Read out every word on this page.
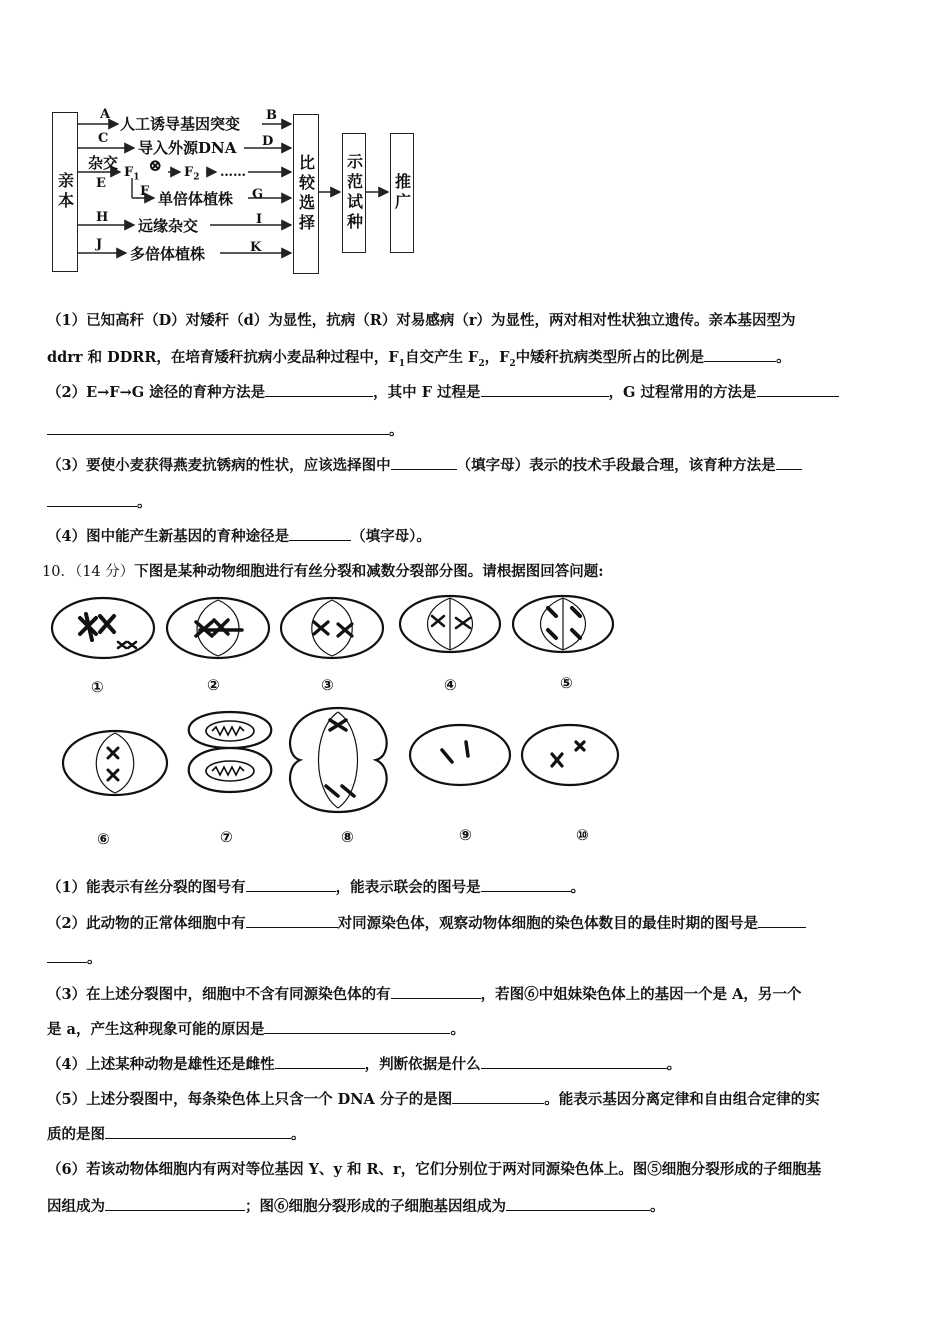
亲本	比较选择 示范试种 推广
A
人工诱导基因突变 B
C
导入外源DNA D
杂交
E
$F_1$
⊗ $F_2$ ……
F 单倍体植株 G
H 远缘杂交	I
J
多倍体植株	K
（1）已知高秆（D）对矮秆（d）为显性，抗病（R）对易感病（r）为显性，两对相对性状独立遗传。亲本基因型为
ddrr 和 DDRR，在培育矮秆抗病小麦品种过程中，$F_1$自交产生 $F_2$，$F_2$中矮秆抗病类型所占的比例是	。
（2）E→F→G 途径的育种方法是	，其中 F 过程是	，G 过程常用的方法是
。
（3）要使小麦获得燕麦抗锈病的性状，应该选择图中	（填字母）表示的技术手段最合理，该育种方法是
。
（4）图中能产生新基因的育种途径是	（填字母）。
10．（14 分）下图是某种动物细胞进行有丝分裂和减数分裂部分图。请根据图回答问题:
①	②	③	④	⑤
⑥	⑦	⑧	⑨	⑩
（1）能表示有丝分裂的图号有	，能表示联会的图号是	。
（2）此动物的正常体细胞中有	对同源染色体，观察动物体细胞的染色体数目的最佳时期的图号是
。
（3）在上述分裂图中，细胞中不含有同源染色体的有	，若图⑥中姐妹染色体上的基因一个是 A，另一个
是 a，产生这种现象可能的原因是	。
（4）上述某种动物是雄性还是雌性	，判断依据是什么	。
（5）上述分裂图中，每条染色体上只含一个 DNA 分子的是图	。能表示基因分离定律和自由组合定律的实
质的是图	。
（6）若该动物体细胞内有两对等位基因 Y、y 和 R、r，它们分别位于两对同源染色体上。图⑤细胞分裂形成的子细胞基
因组成为	；图⑥细胞分裂形成的子细胞基因组成为	。
